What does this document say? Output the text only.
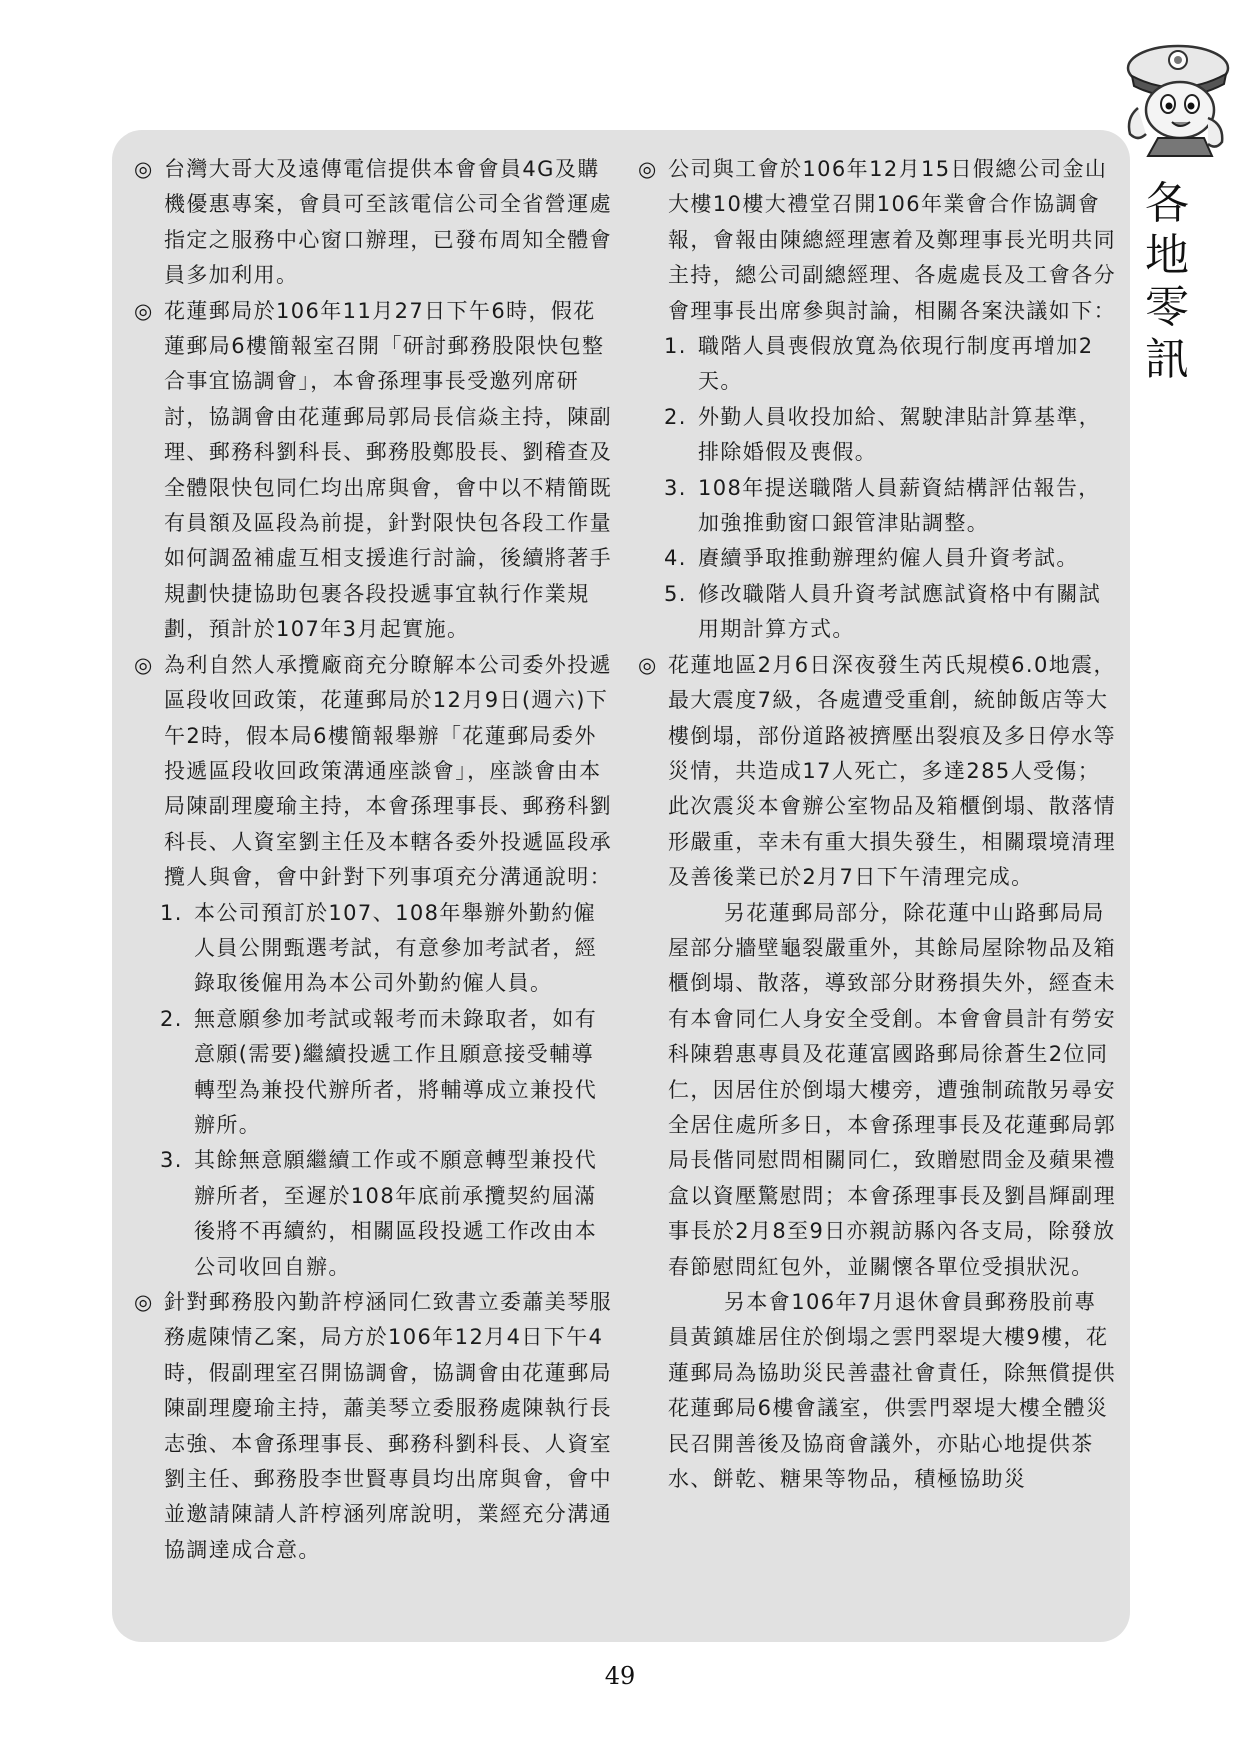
各
地
零
訊

◎ 台灣大哥大及遠傳電信提供本會會員4G及購機優惠專案，會員可至該電信公司全省營運處指定之服務中心窗口辦理，已發布周知全體會員多加利用。

◎ 花蓮郵局於106年11月27日下午6時，假花蓮郵局6樓簡報室召開「研討郵務股限快包整合事宜協調會」，本會孫理事長受邀列席研討，協調會由花蓮郵局郭局長信焱主持，陳副理、郵務科劉科長、郵務股鄭股長、劉稽查及全體限快包同仁均出席與會，會中以不精簡既有員額及區段為前提，針對限快包各段工作量如何調盈補虛互相支援進行討論，後續將著手規劃快捷協助包裹各段投遞事宜執行作業規劃，預計於107年3月起實施。

◎ 為利自然人承攬廠商充分瞭解本公司委外投遞區段收回政策，花蓮郵局於12月9日(週六)下午2時，假本局6樓簡報舉辦「花蓮郵局委外投遞區段收回政策溝通座談會」，座談會由本局陳副理慶瑜主持，本會孫理事長、郵務科劉科長、人資室劉主任及本轄各委外投遞區段承攬人與會，會中針對下列事項充分溝通說明：

1. 本公司預訂於107、108年舉辦外勤約僱人員公開甄選考試，有意參加考試者，經錄取後僱用為本公司外勤約僱人員。

2. 無意願參加考試或報考而未錄取者，如有意願(需要)繼續投遞工作且願意接受輔導轉型為兼投代辦所者，將輔導成立兼投代辦所。

3. 其餘無意願繼續工作或不願意轉型兼投代辦所者，至遲於108年底前承攬契約屆滿後將不再續約，相關區段投遞工作改由本公司收回自辦。

◎ 針對郵務股內勤許梈涵同仁致書立委蕭美琴服務處陳情乙案，局方於106年12月4日下午4時，假副理室召開協調會，協調會由花蓮郵局陳副理慶瑜主持，蕭美琴立委服務處陳執行長志強、本會孫理事長、郵務科劉科長、人資室劉主任、郵務股李世賢專員均出席與會，會中並邀請陳請人許梈涵列席說明，業經充分溝通協調達成合意。

◎ 公司與工會於106年12月15日假總公司金山大樓10樓大禮堂召開106年業會合作協調會報，會報由陳總經理憲着及鄭理事長光明共同主持，總公司副總經理、各處處長及工會各分會理事長出席參與討論，相關各案決議如下：

1. 職階人員喪假放寬為依現行制度再增加2天。

2. 外勤人員收投加給、駕駛津貼計算基準，排除婚假及喪假。

3. 108年提送職階人員薪資結構評估報告，加強推動窗口銀管津貼調整。

4. 賡續爭取推動辦理約僱人員升資考試。

5. 修改職階人員升資考試應試資格中有關試用期計算方式。

◎ 花蓮地區2月6日深夜發生芮氏規模6.0地震，最大震度7級，各處遭受重創，統帥飯店等大樓倒塌，部份道路被擠壓出裂痕及多日停水等災情，共造成17人死亡，多達285人受傷；此次震災本會辦公室物品及箱櫃倒塌、散落情形嚴重，幸未有重大損失發生，相關環境清理及善後業已於2月7日下午清理完成。

另花蓮郵局部分，除花蓮中山路郵局局屋部分牆壁龜裂嚴重外，其餘局屋除物品及箱櫃倒塌、散落，導致部分財務損失外，經查未有本會同仁人身安全受創。本會會員計有勞安科陳碧惠專員及花蓮富國路郵局徐蒼生2位同仁，因居住於倒塌大樓旁，遭強制疏散另尋安全居住處所多日，本會孫理事長及花蓮郵局郭局長偕同慰問相關同仁，致贈慰問金及蘋果禮盒以資壓驚慰問；本會孫理事長及劉昌輝副理事長於2月8至9日亦親訪縣內各支局，除發放春節慰問紅包外，並關懷各單位受損狀況。

另本會106年7月退休會員郵務股前專員黃鎮雄居住於倒塌之雲門翠堤大樓9樓，花蓮郵局為協助災民善盡社會責任，除無償提供花蓮郵局6樓會議室，供雲門翠堤大樓全體災民召開善後及協商會議外，亦貼心地提供茶水、餅乾、糖果等物品，積極協助災

49
